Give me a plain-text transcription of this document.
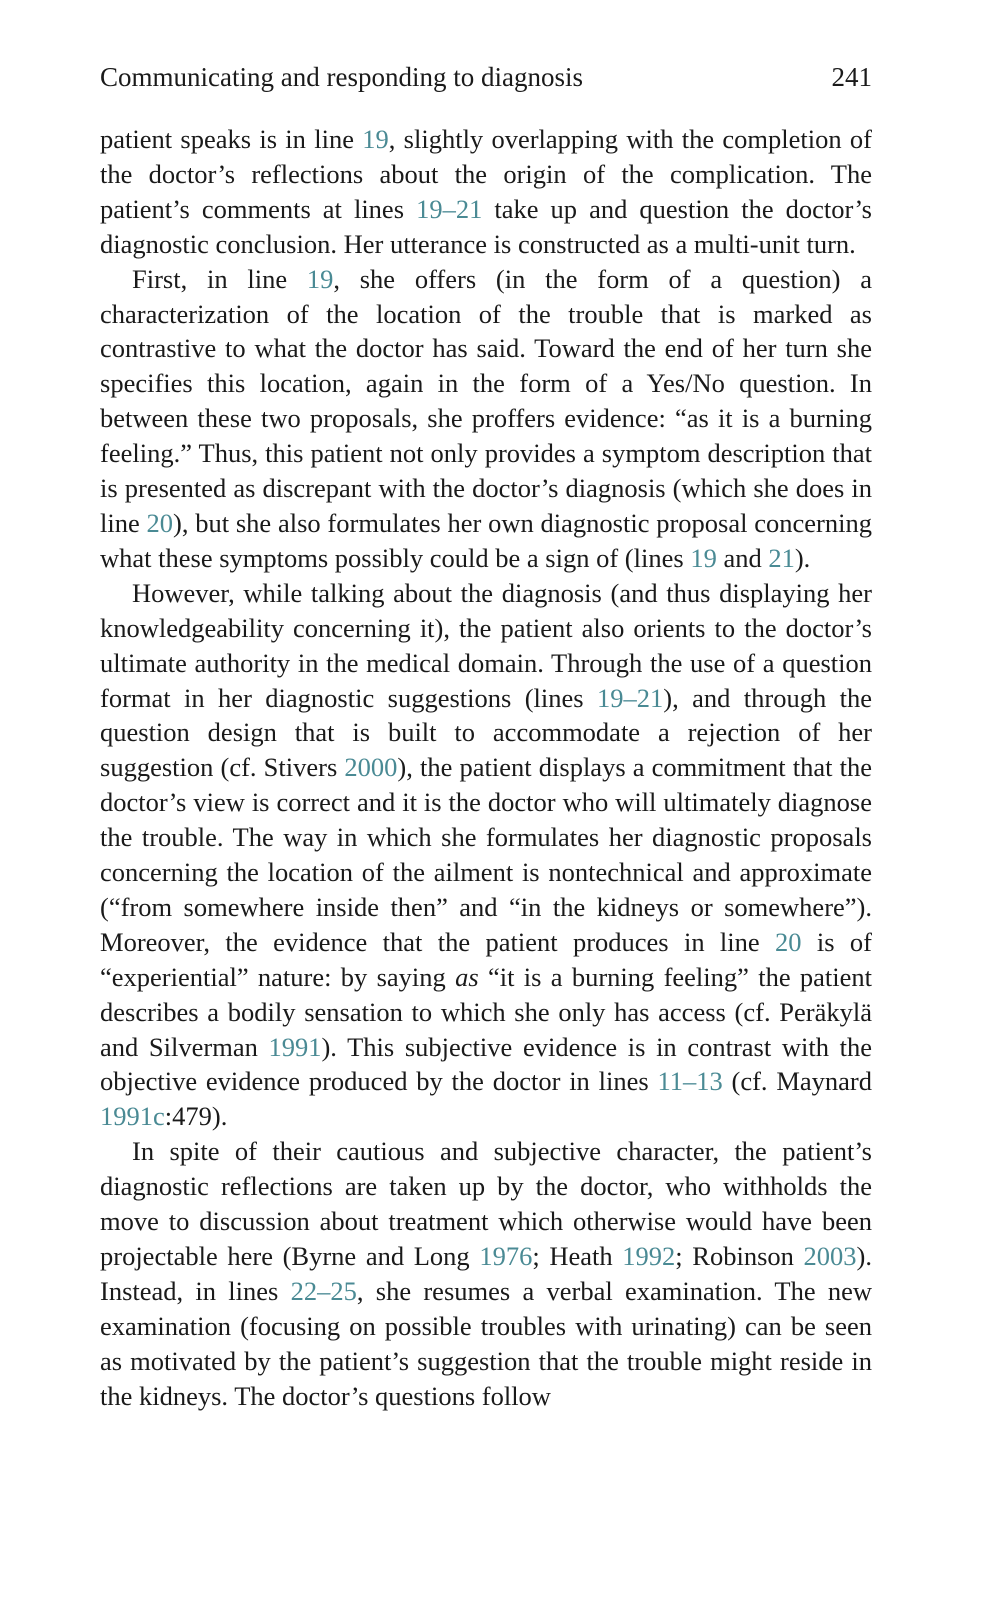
Communicating and responding to diagnosis	241

patient speaks is in line 19, slightly overlapping with the completion of the doctor’s reflections about the origin of the complication. The patient’s comments at lines 19–21 take up and question the doctor’s diagnostic conclusion. Her utterance is constructed as a multi-unit turn.

First, in line 19, she offers (in the form of a question) a characterization of the location of the trouble that is marked as contrastive to what the doctor has said. Toward the end of her turn she specifies this location, again in the form of a Yes/No question. In between these two proposals, she proffers evidence: “as it is a burning feeling.” Thus, this patient not only provides a symptom description that is presented as discrepant with the doctor’s diagnosis (which she does in line 20), but she also formulates her own diagnostic proposal concerning what these symptoms possibly could be a sign of (lines 19 and 21).

However, while talking about the diagnosis (and thus displaying her knowledgeability concerning it), the patient also orients to the doctor’s ultimate authority in the medical domain. Through the use of a question format in her diagnostic suggestions (lines 19–21), and through the question design that is built to accommodate a rejection of her suggestion (cf. Stivers 2000), the patient displays a commitment that the doctor’s view is correct and it is the doctor who will ultimately diagnose the trouble. The way in which she formulates her diagnostic proposals concerning the location of the ailment is nontechnical and approximate (“from somewhere inside then” and “in the kidneys or somewhere”). Moreover, the evidence that the patient produces in line 20 is of “experiential” nature: by saying as “it is a burning feeling” the patient describes a bodily sensation to which she only has access (cf. Peräkylä and Silverman 1991). This subjective evidence is in contrast with the objective evidence produced by the doctor in lines 11–13 (cf. Maynard 1991c:479).

In spite of their cautious and subjective character, the patient’s diagnostic reflections are taken up by the doctor, who withholds the move to discussion about treatment which otherwise would have been projectable here (Byrne and Long 1976; Heath 1992; Robinson 2003). Instead, in lines 22–25, she resumes a verbal examination. The new examination (focusing on possible troubles with urinating) can be seen as motivated by the patient’s suggestion that the trouble might reside in the kidneys. The doctor’s questions follow
